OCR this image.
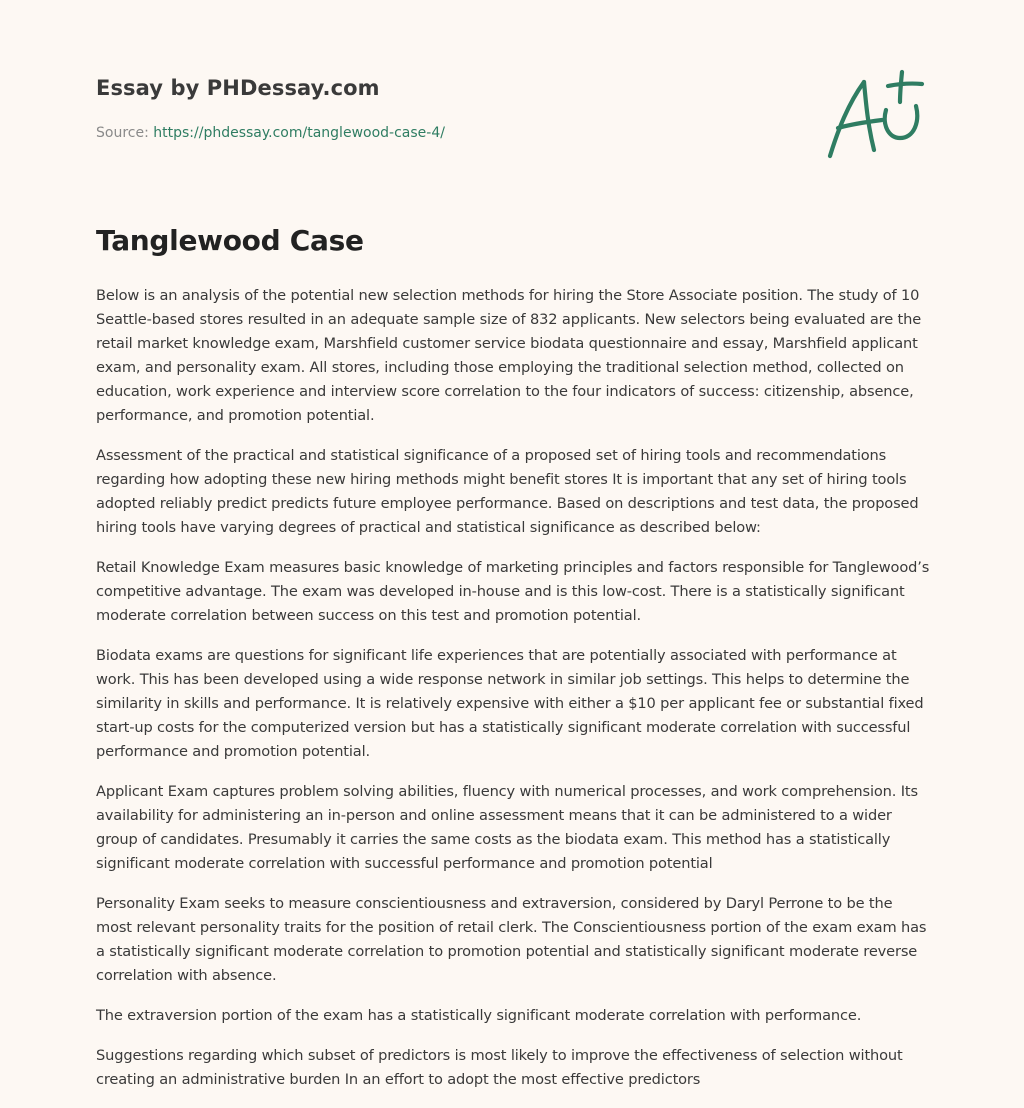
Essay by PHDessay.com
Source: https://phdessay.com/tanglewood-case-4/
Tanglewood Case

Below is an analysis of the potential new selection methods for hiring the Store Associate position. The study of 10 Seattle-based stores resulted in an adequate sample size of 832 applicants. New selectors being evaluated are the retail market knowledge exam, Marshfield customer service biodata questionnaire and essay, Marshfield applicant exam, and personality exam. All stores, including those employing the traditional selection method, collected on education, work experience and interview score correlation to the four indicators of success: citizenship, absence, performance, and promotion potential.

Assessment of the practical and statistical significance of a proposed set of hiring tools and recommendations regarding how adopting these new hiring methods might benefit stores It is important that any set of hiring tools adopted reliably predict predicts future employee performance. Based on descriptions and test data, the proposed hiring tools have varying degrees of practical and statistical significance as described below:

Retail Knowledge Exam measures basic knowledge of marketing principles and factors responsible for Tanglewood’s competitive advantage. The exam was developed in-house and is this low-cost. There is a statistically significant moderate correlation between success on this test and promotion potential.

Biodata exams are questions for significant life experiences that are potentially associated with performance at work. This has been developed using a wide response network in similar job settings. This helps to determine the similarity in skills and performance. It is relatively expensive with either a $10 per applicant fee or substantial fixed start-up costs for the computerized version but has a statistically significant moderate correlation with successful performance and promotion potential.

Applicant Exam captures problem solving abilities, fluency with numerical processes, and work comprehension. Its availability for administering an in-person and online assessment means that it can be administered to a wider group of candidates. Presumably it carries the same costs as the biodata exam. This method has a statistically significant moderate correlation with successful performance and promotion potential

Personality Exam seeks to measure conscientiousness and extraversion, considered by Daryl Perrone to be the most relevant personality traits for the position of retail clerk. The Conscientiousness portion of the exam exam has a statistically significant moderate correlation to promotion potential and statistically significant moderate reverse correlation with absence.

The extraversion portion of the exam has a statistically significant moderate correlation with performance.

Suggestions regarding which subset of predictors is most likely to improve the effectiveness of selection without creating an administrative burden In an effort to adopt the most effective predictors
